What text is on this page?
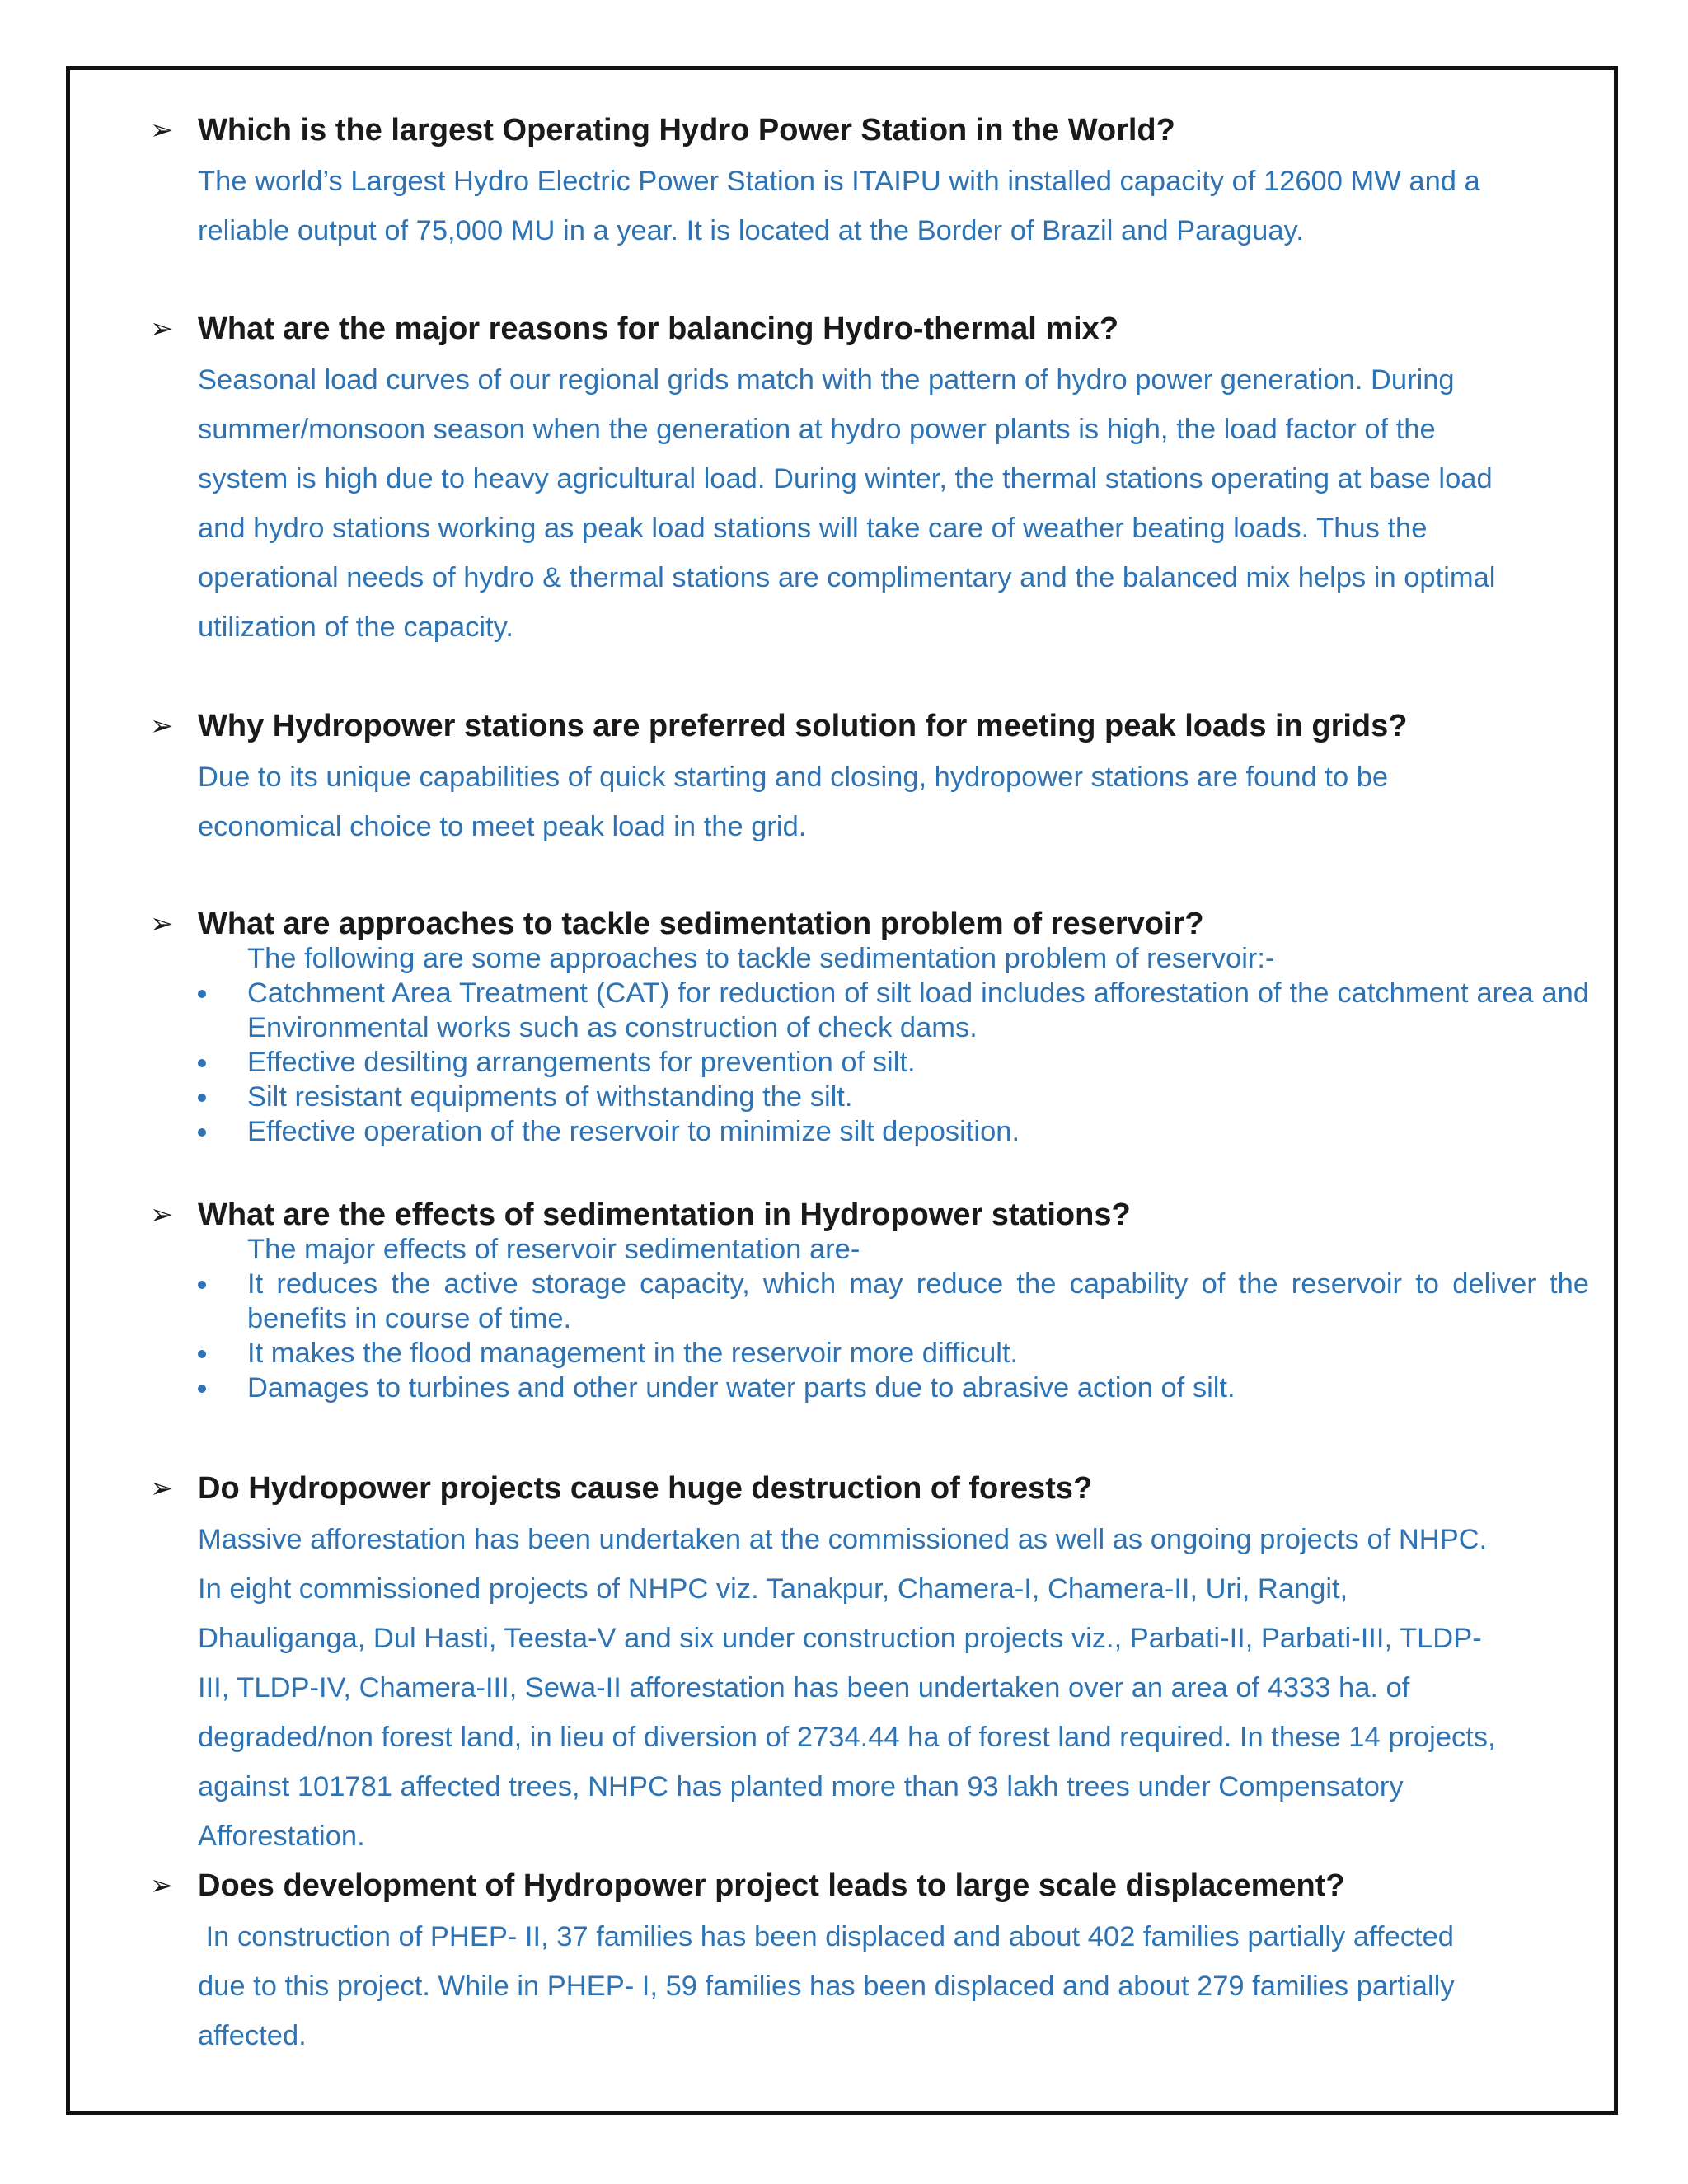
➢ Which is the largest Operating Hydro Power Station in the World?
The world’s Largest Hydro Electric Power Station is ITAIPU with installed capacity of 12600 MW and a
reliable output of 75,000 MU in a year. It is located at the Border of Brazil and Paraguay.
➢ What are the major reasons for balancing Hydro-thermal mix?
Seasonal load curves of our regional grids match with the pattern of hydro power generation. During
summer/monsoon season when the generation at hydro power plants is high, the load factor of the
system is high due to heavy agricultural load. During winter, the thermal stations operating at base load
and hydro stations working as peak load stations will take care of weather beating loads. Thus the
operational needs of hydro & thermal stations are complimentary and the balanced mix helps in optimal
utilization of the capacity.
➢ Why Hydropower stations are preferred solution for meeting peak loads in grids?
Due to its unique capabilities of quick starting and closing, hydropower stations are found to be
economical choice to meet peak load in the grid.
➢ What are approaches to tackle sedimentation problem of reservoir?
The following are some approaches to tackle sedimentation problem of reservoir:-
Catchment Area Treatment (CAT) for reduction of silt load includes afforestation of the catchment area and Environmental works such as construction of check dams.
Effective desilting arrangements for prevention of silt.
Silt resistant equipments of withstanding the silt.
Effective operation of the reservoir to minimize silt deposition.
➢ What are the effects of sedimentation in Hydropower stations?
The major effects of reservoir sedimentation are-
It reduces the active storage capacity, which may reduce the capability of the reservoir to deliver the benefits in course of time.
It makes the flood management in the reservoir more difficult.
Damages to turbines and other under water parts due to abrasive action of silt.
➢ Do Hydropower projects cause huge destruction of forests?
Massive afforestation has been undertaken at the commissioned as well as ongoing projects of NHPC.
In eight commissioned projects of NHPC viz. Tanakpur, Chamera-I, Chamera-II, Uri, Rangit,
Dhauliganga, Dul Hasti, Teesta-V and six under construction projects viz., Parbati-II, Parbati-III, TLDP-
III, TLDP-IV, Chamera-III, Sewa-II afforestation has been undertaken over an area of 4333 ha. of
degraded/non forest land, in lieu of diversion of 2734.44 ha of forest land required. In these 14 projects,
against 101781 affected trees, NHPC has planted more than 93 lakh trees under Compensatory
Afforestation.
➢ Does development of Hydropower project leads to large scale displacement?
In construction of PHEP- II, 37 families has been displaced and about 402 families partially affected
due to this project. While in PHEP- I, 59 families has been displaced and about 279 families partially
affected.
